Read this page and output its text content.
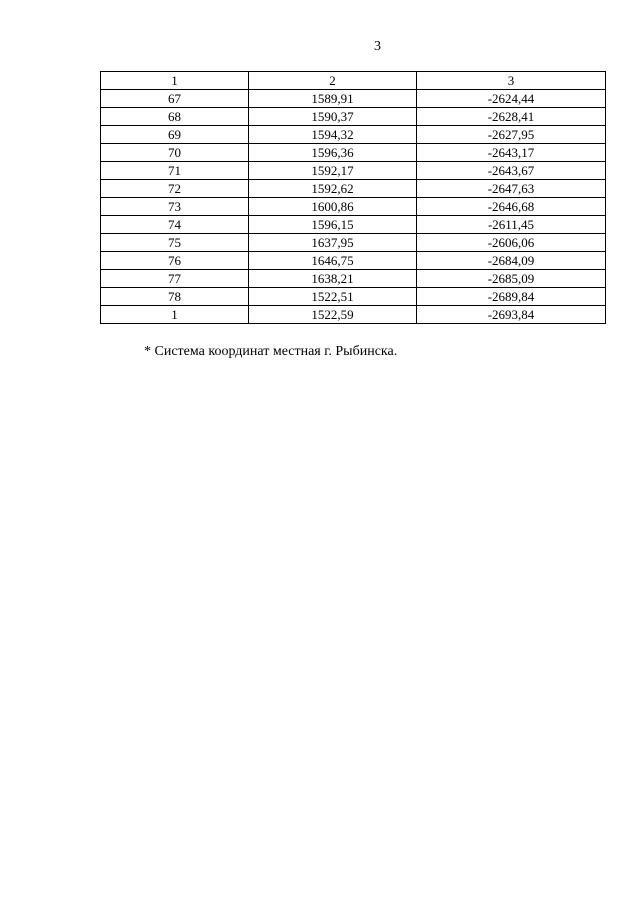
3
1	2	3
67	1589,91	-2624,44
68	1590,37	-2628,41
69	1594,32	-2627,95
70	1596,36	-2643,17
71	1592,17	-2643,67
72	1592,62	-2647,63
73	1600,86	-2646,68
74	1596,15	-2611,45
75	1637,95	-2606,06
76	1646,75	-2684,09
77	1638,21	-2685,09
78	1522,51	-2689,84
1	1522,59	-2693,84
* Система координат местная г. Рыбинска.
